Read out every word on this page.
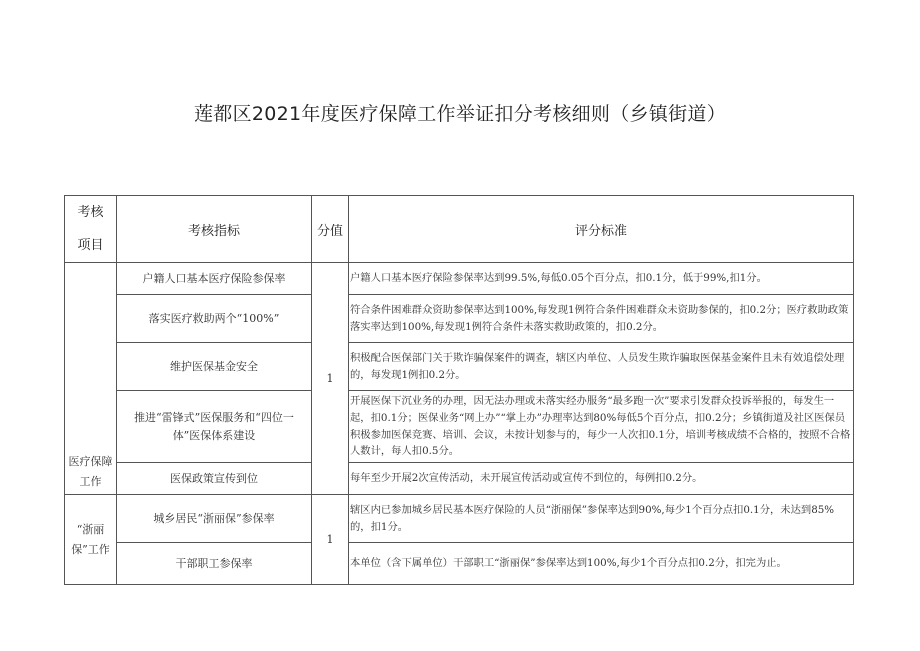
莲都区2021年度医疗保障工作举证扣分考核细则（乡镇街道）
考核
项目	考核指标	分值	评分标准

医疗保障
工作	户籍人口基本医疗保险参保率	1	户籍人口基本医疗保险参保率达到99.5%,每低0.05个百分点，扣0.1分，低于99%,扣1分。
	落实医疗救助两个“100%”		符合条件困难群众资助参保率达到100%,每发现1例符合条件困难群众未资助参保的，扣0.2分；医疗救助政策落实率达到100%,每发现1例符合条件未落实救助政策的，扣0.2分。
	维护医保基金安全		积极配合医保部门关于欺诈骗保案件的调查，辖区内单位、人员发生欺诈骗取医保基金案件且未有效追偿处理的，每发现1例扣0.2分。
	推进“雷锋式”医保服务和“四位一体”医保体系建设		开展医保下沉业务的办理，因无法办理或未落实经办服务“最多跑一次”要求引发群众投诉举报的，每发生一起，扣0.1分；医保业务“网上办”“掌上办”办理率达到80%每低5个百分点，扣0.2分；乡镇街道及社区医保员积极参加医保竞赛、培训、会议，未按计划参与的，每少一人次扣0.1分，培训考核成绩不合格的，按照不合格人数计，每人扣0.5分。
	医保政策宣传到位		每年至少开展2次宣传活动，未开展宣传活动或宣传不到位的，每例扣0.2分。

“浙丽
保”工作	城乡居民“浙丽保”参保率	1	辖区内已参加城乡居民基本医疗保险的人员“浙丽保”参保率达到90%,每少1个百分点扣0.1分，未达到85%的，扣1分。
	干部职工参保率		本单位（含下属单位）干部职工“浙丽保”参保率达到100%,每少1个百分点扣0.2分，扣完为止。
